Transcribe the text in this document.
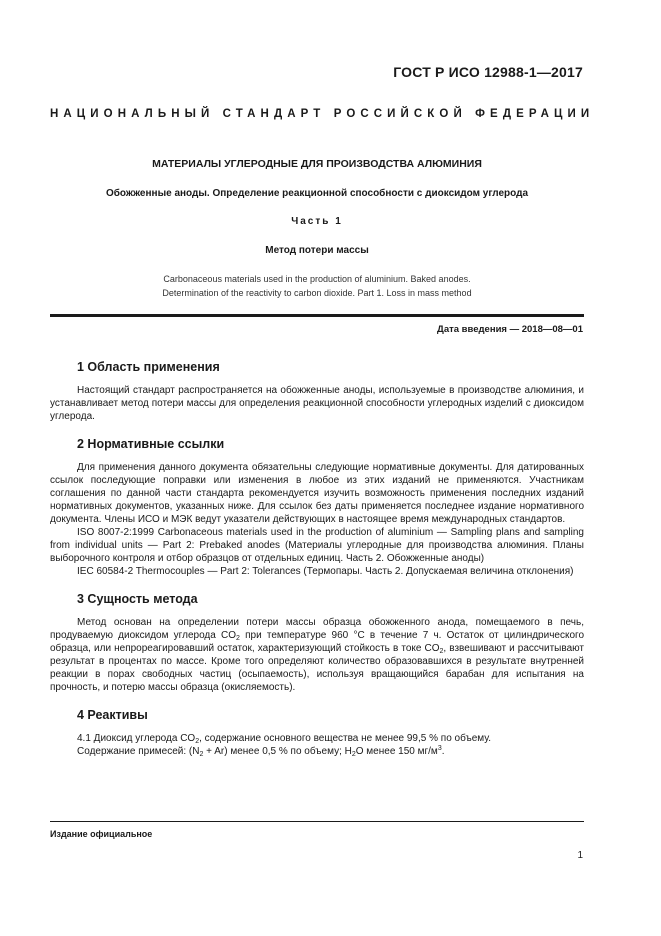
ГОСТ Р ИСО 12988-1—2017
НАЦИОНАЛЬНЫЙ СТАНДАРТ РОССИЙСКОЙ ФЕДЕРАЦИИ
МАТЕРИАЛЫ УГЛЕРОДНЫЕ ДЛЯ ПРОИЗВОДСТВА АЛЮМИНИЯ
Обожженные аноды. Определение реакционной способности с диоксидом углерода
Часть 1
Метод потери массы
Carbonaceous materials used in the production of aluminium. Baked anodes.
Determination of the reactivity to carbon dioxide. Part 1. Loss in mass method
Дата введения — 2018—08—01
1 Область применения

Настоящий стандарт распространяется на обожженные аноды, используемые в производстве алюминия, и устанавливает метод потери массы для определения реакционной способности углеродных изделий с диоксидом углерода.

2 Нормативные ссылки

Для применения данного документа обязательны следующие нормативные документы. Для датированных ссылок последующие поправки или изменения в любое из этих изданий не применяются. Участникам соглашения по данной части стандарта рекомендуется изучить возможность применения последних изданий нормативных документов, указанных ниже. Для ссылок без даты применяется последнее издание нормативного документа. Члены ИСО и МЭК ведут указатели действующих в настоящее время международных стандартов.

ISO 8007-2:1999 Carbonaceous materials used in the production of aluminium — Sampling plans and sampling from individual units — Part 2: Prebaked anodes (Материалы углеродные для производства алюминия. Планы выборочного контроля и отбор образцов от отдельных единиц. Часть 2. Обожженные аноды)

IEC 60584-2 Thermocouples — Part 2: Tolerances (Термопары. Часть 2. Допускаемая величина отклонения)

3 Сущность метода

Метод основан на определении потери массы образца обожженного анода, помещаемого в печь, продуваемую диоксидом углерода $CO_2$ при температуре 960 °С в течение 7 ч. Остаток от цилиндрического образца, или непрореагировавший остаток, характеризующий стойкость в токе $CO_2$, взвешивают и рассчитывают результат в процентах по массе. Кроме того определяют количество образовавшихся в результате внутренней реакции в порах свободных частиц (осыпаемость), используя вращающийся барабан для испытания на прочность, и потерю массы образца (окисляемость).

4 Реактивы

4.1 Диоксид углерода $CO_2$, содержание основного вещества не менее 99,5 % по объему.

Содержание примесей: $(N_2 + Ar)$ менее 0,5 % по объему; $H_2O$ менее 150 $мг/м^3$.

Издание официальное
1
